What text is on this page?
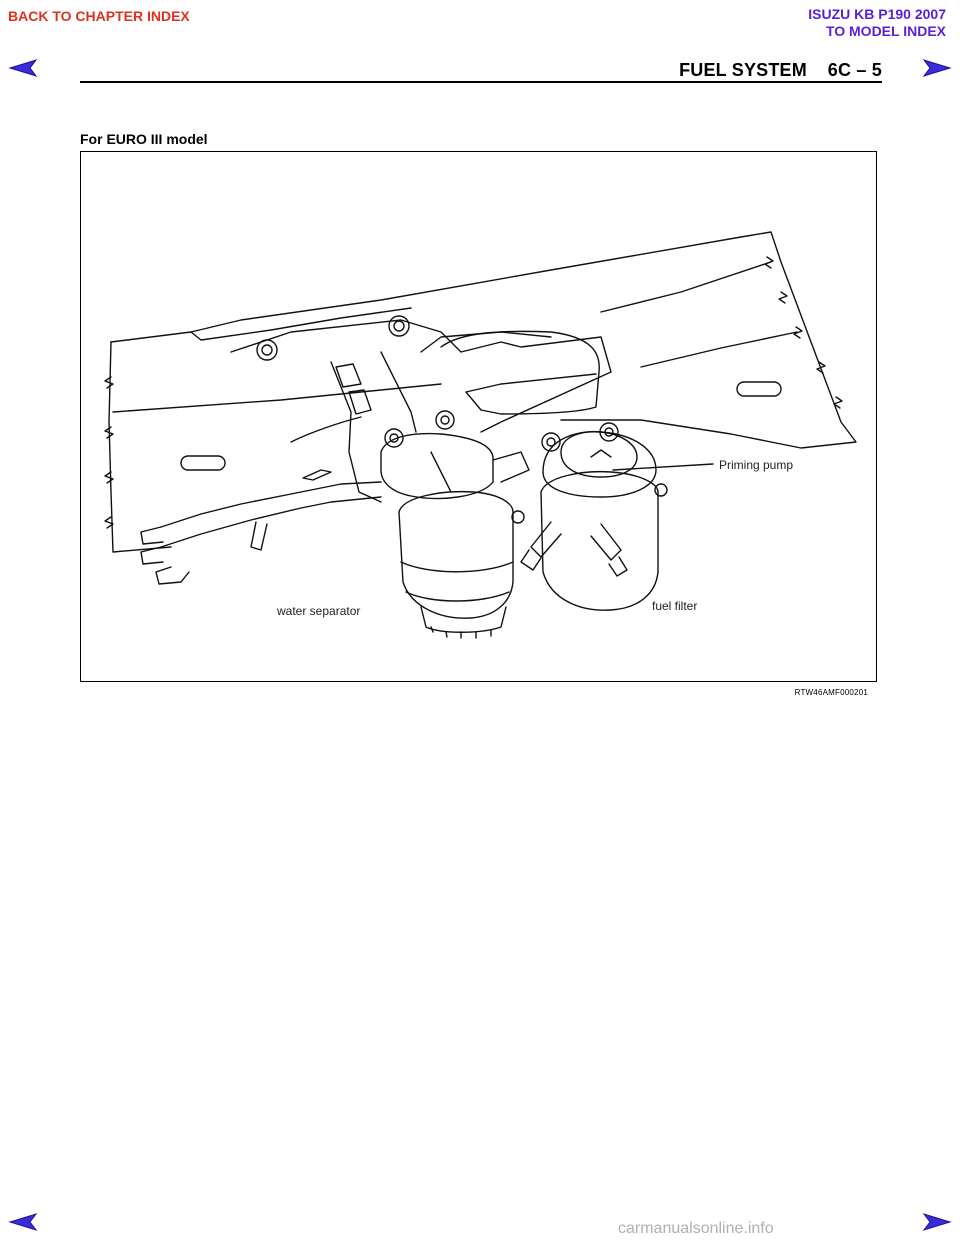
BACK TO CHAPTER INDEX	ISUZU KB P190 2007
TO MODEL INDEX
FUEL SYSTEM    6C – 5
For EURO III model
Priming pump
water separator	fuel filter
RTW46AMF000201
carmanualsonline.info
